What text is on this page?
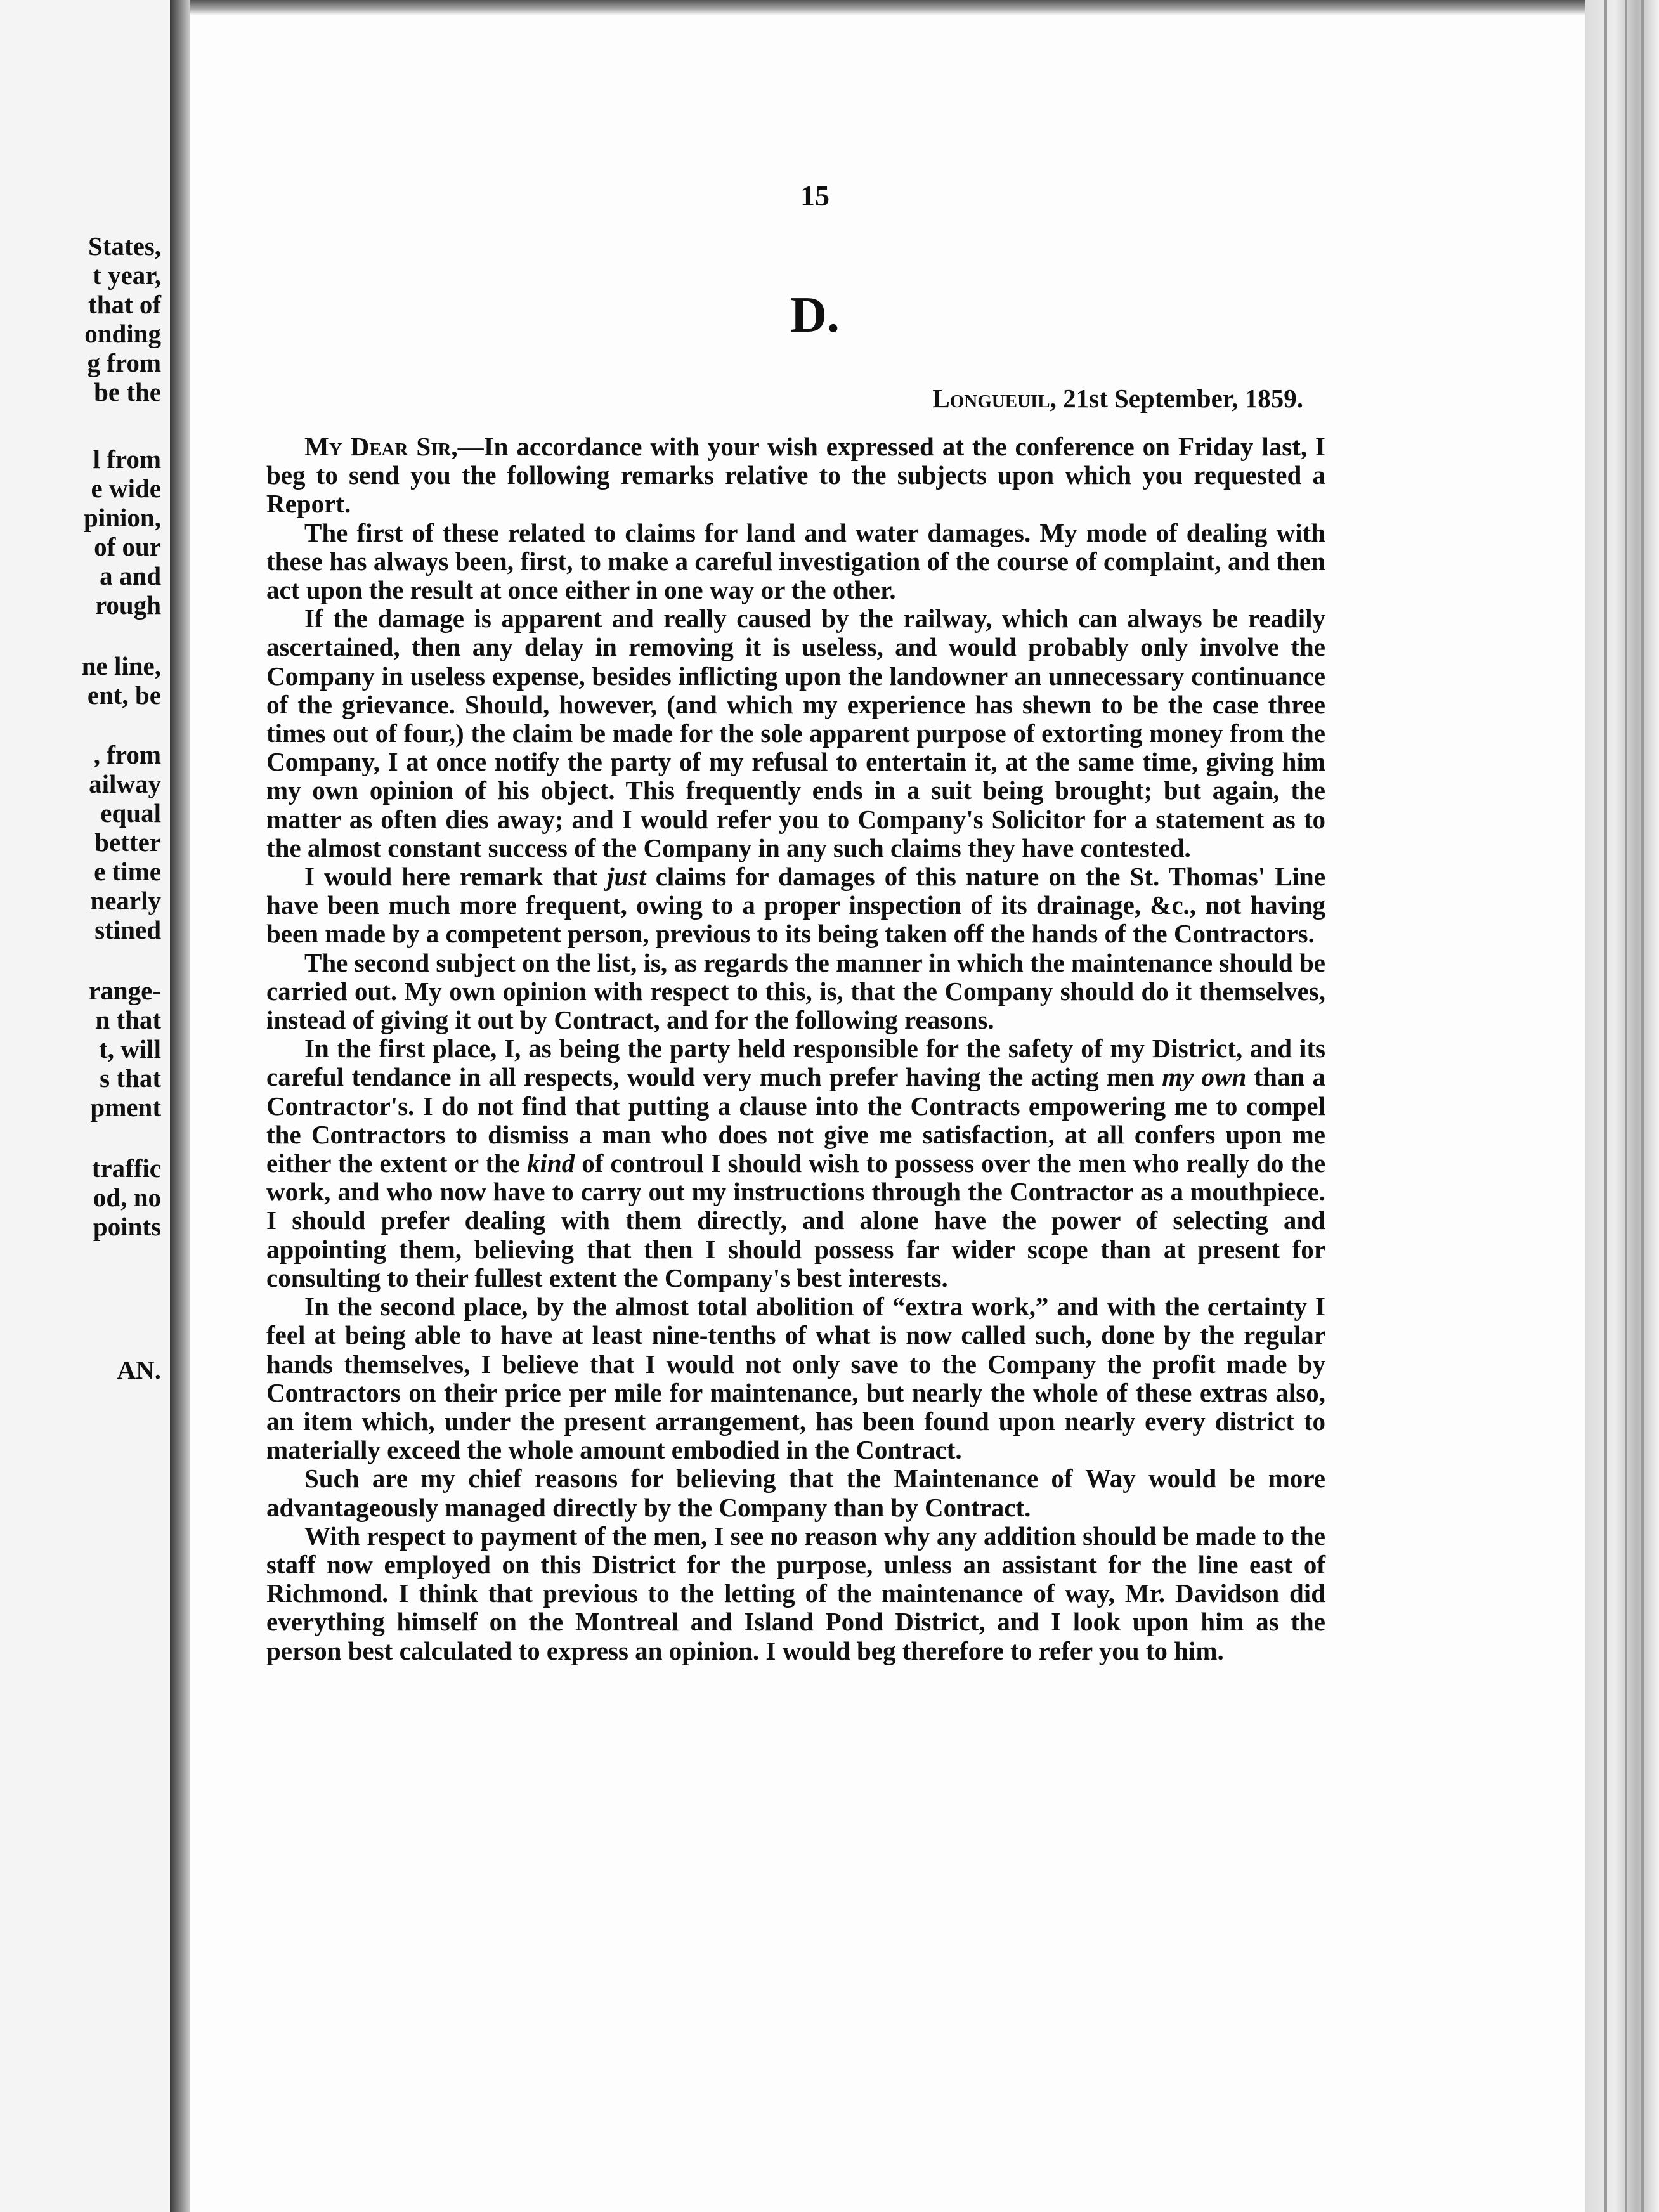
States,

t year,

that of

onding

g from

be the

l from

e wide

pinion,

of our

a and

rough

ne line,

ent, be

, from

ailway

equal

better

e time

nearly

stined

range-

n that

t, will

s that

pment

traffic

od, no

points

AN.

15

D.

Longueuil, 21st September, 1859.

My Dear Sir,—In accordance with your wish expressed at the conference on Friday last, I beg to send you the following remarks relative to the subjects upon which you requested a Report.

The first of these related to claims for land and water damages. My mode of dealing with these has always been, first, to make a careful investigation of the course of complaint, and then act upon the result at once either in one way or the other.

If the damage is apparent and really caused by the railway, which can always be readily ascertained, then any delay in removing it is useless, and would probably only involve the Company in useless expense, besides inflicting upon the landowner an unnecessary continuance of the grievance. Should, however, (and which my experience has shewn to be the case three times out of four,) the claim be made for the sole apparent purpose of extorting money from the Company, I at once notify the party of my refusal to entertain it, at the same time, giving him my own opinion of his object. This frequently ends in a suit being brought; but again, the matter as often dies away; and I would refer you to Company's Solicitor for a statement as to the almost constant success of the Company in any such claims they have contested.

I would here remark that just claims for damages of this nature on the St. Thomas' Line have been much more frequent, owing to a proper inspection of its drainage, &c., not having been made by a competent person, previous to its being taken off the hands of the Contractors.

The second subject on the list, is, as regards the manner in which the maintenance should be carried out. My own opinion with respect to this, is, that the Company should do it themselves, instead of giving it out by Contract, and for the following reasons.

In the first place, I, as being the party held responsible for the safety of my District, and its careful tendance in all respects, would very much prefer having the acting men my own than a Contractor's. I do not find that putting a clause into the Contracts empowering me to compel the Contractors to dismiss a man who does not give me satisfaction, at all confers upon me either the extent or the kind of controul I should wish to possess over the men who really do the work, and who now have to carry out my instructions through the Contractor as a mouthpiece. I should prefer dealing with them directly, and alone have the power of selecting and appointing them, believing that then I should possess far wider scope than at present for consulting to their fullest extent the Company's best interests.

In the second place, by the almost total abolition of “extra work,” and with the certainty I feel at being able to have at least nine-tenths of what is now called such, done by the regular hands themselves, I believe that I would not only save to the Company the profit made by Contractors on their price per mile for maintenance, but nearly the whole of these extras also, an item which, under the present arrangement, has been found upon nearly every district to materially exceed the whole amount embodied in the Contract.

Such are my chief reasons for believing that the Maintenance of Way would be more advantageously managed directly by the Company than by Contract.

With respect to payment of the men, I see no reason why any addition should be made to the staff now employed on this District for the purpose, unless an assistant for the line east of Richmond. I think that previous to the letting of the maintenance of way, Mr. Davidson did everything himself on the Montreal and Island Pond District, and I look upon him as the person best calculated to express an opinion. I would beg therefore to refer you to him.
